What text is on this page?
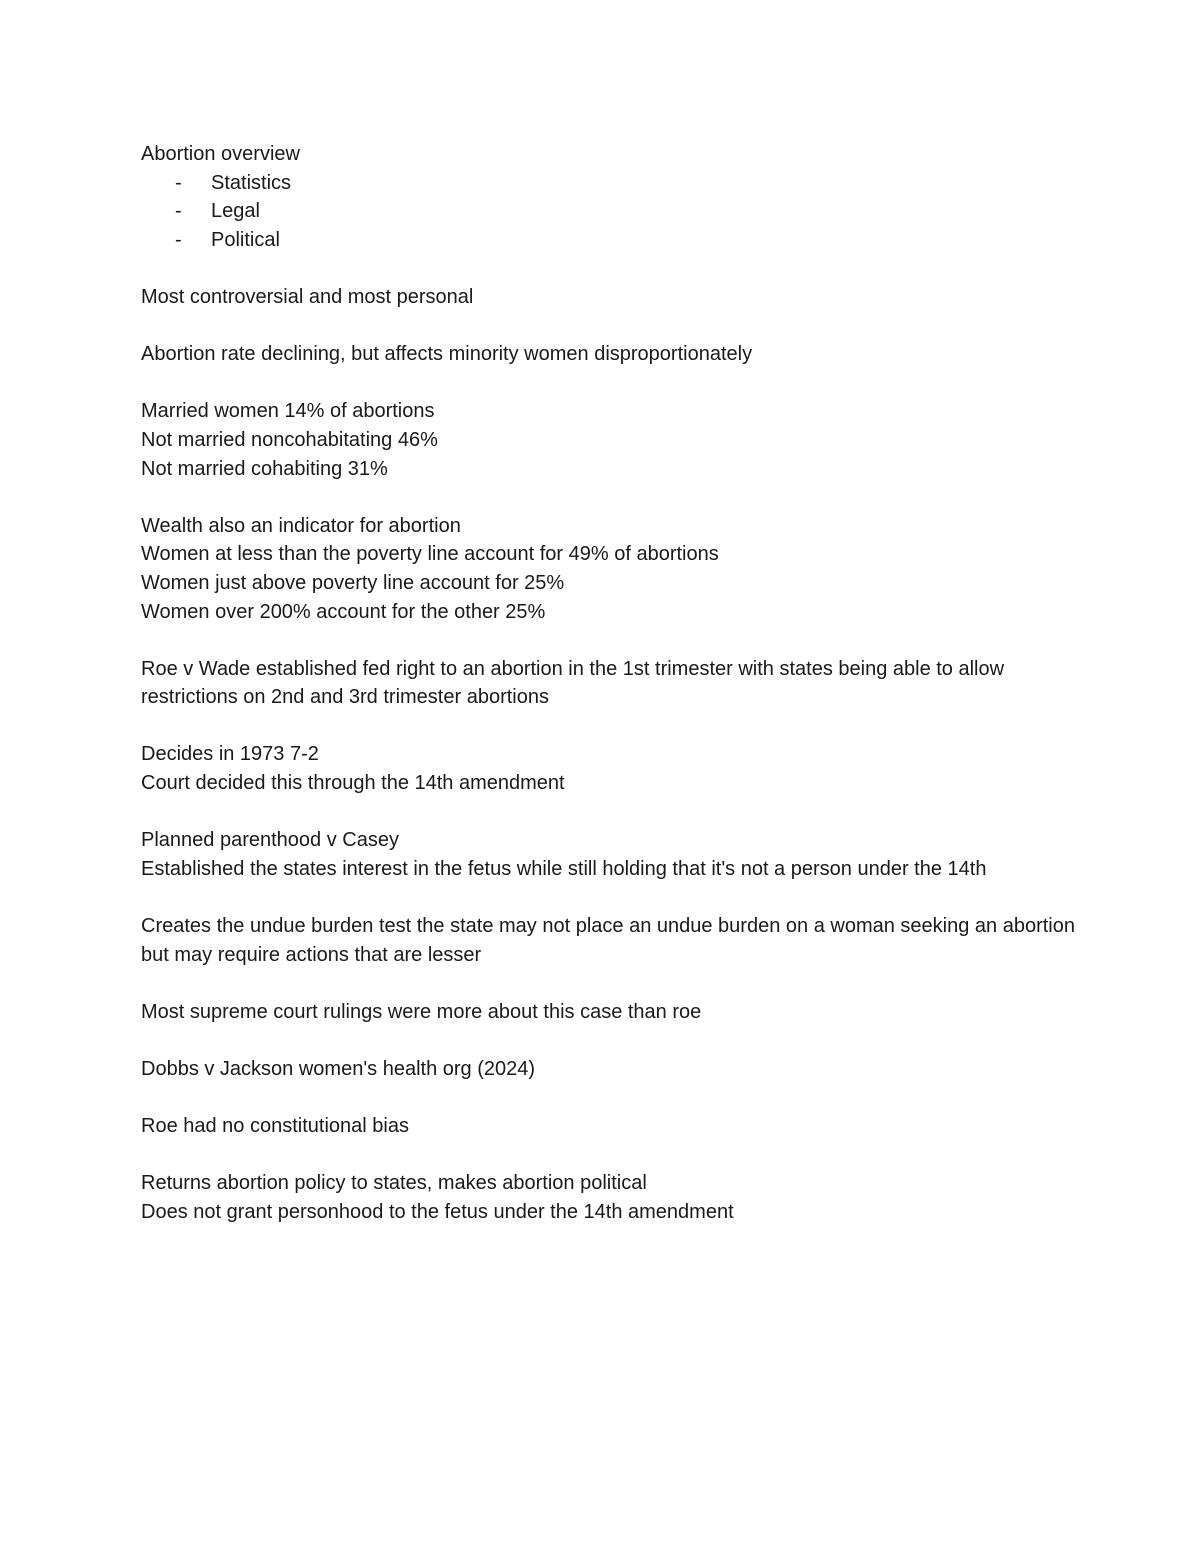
Abortion overview
-	Statistics
-	Legal
-	Political
Most controversial and most personal
Abortion rate declining, but affects minority women disproportionately
Married women 14% of abortions
Not married noncohabitating 46%
Not married cohabiting 31%
Wealth also an indicator for abortion
Women at less than the poverty line account for 49% of abortions
Women just above poverty line account for 25%
Women over 200% account for the other 25%
Roe v Wade established fed right to an abortion in the 1st trimester with states being able to allow restrictions on 2nd and 3rd trimester abortions
Decides in 1973 7-2
Court decided this through the 14th amendment
Planned parenthood v Casey
Established the states interest in the fetus while still holding that it's not a person under the 14th
Creates the undue burden test the state may not place an undue burden on a woman seeking an abortion but may require actions that are lesser
Most supreme court rulings were more about this case than roe
Dobbs v Jackson women's health org (2024)
Roe had no constitutional bias
Returns abortion policy to states, makes abortion political
Does not grant personhood to the fetus under the 14th amendment
